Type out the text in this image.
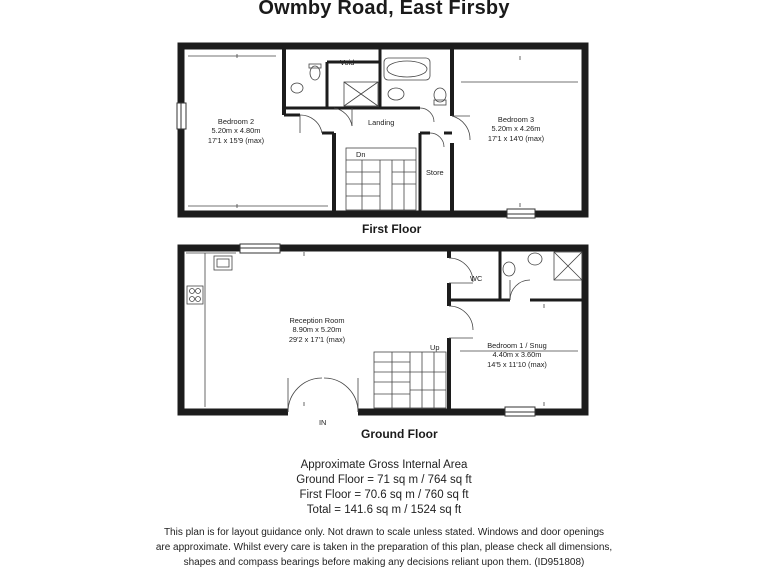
Owmby Road, East Firsby
Bedroom 2
5.20m x 4.80m
17'1 x 15'9 (max)
Bedroom 3
5.20m x 4.26m
17'1 x 14'0 (max)
Void
Landing
Dn
Store
First Floor
Reception Room
8.90m x 5.20m
29'2 x 17'1 (max)
Bedroom 1 / Snug
4.40m x 3.60m
14'5 x 11'10 (max)
WC
Up
IN
Ground Floor
Approximate Gross Internal Area
Ground Floor = 71 sq m / 764 sq ft
First Floor = 70.6 sq m / 760 sq ft
Total = 141.6 sq m / 1524 sq ft
This plan is for layout guidance only. Not drawn to scale unless stated. Windows and door openings
are approximate. Whilst every care is taken in the preparation of this plan, please check all dimensions,
shapes and compass bearings before making any decisions reliant upon them. (ID951808)
